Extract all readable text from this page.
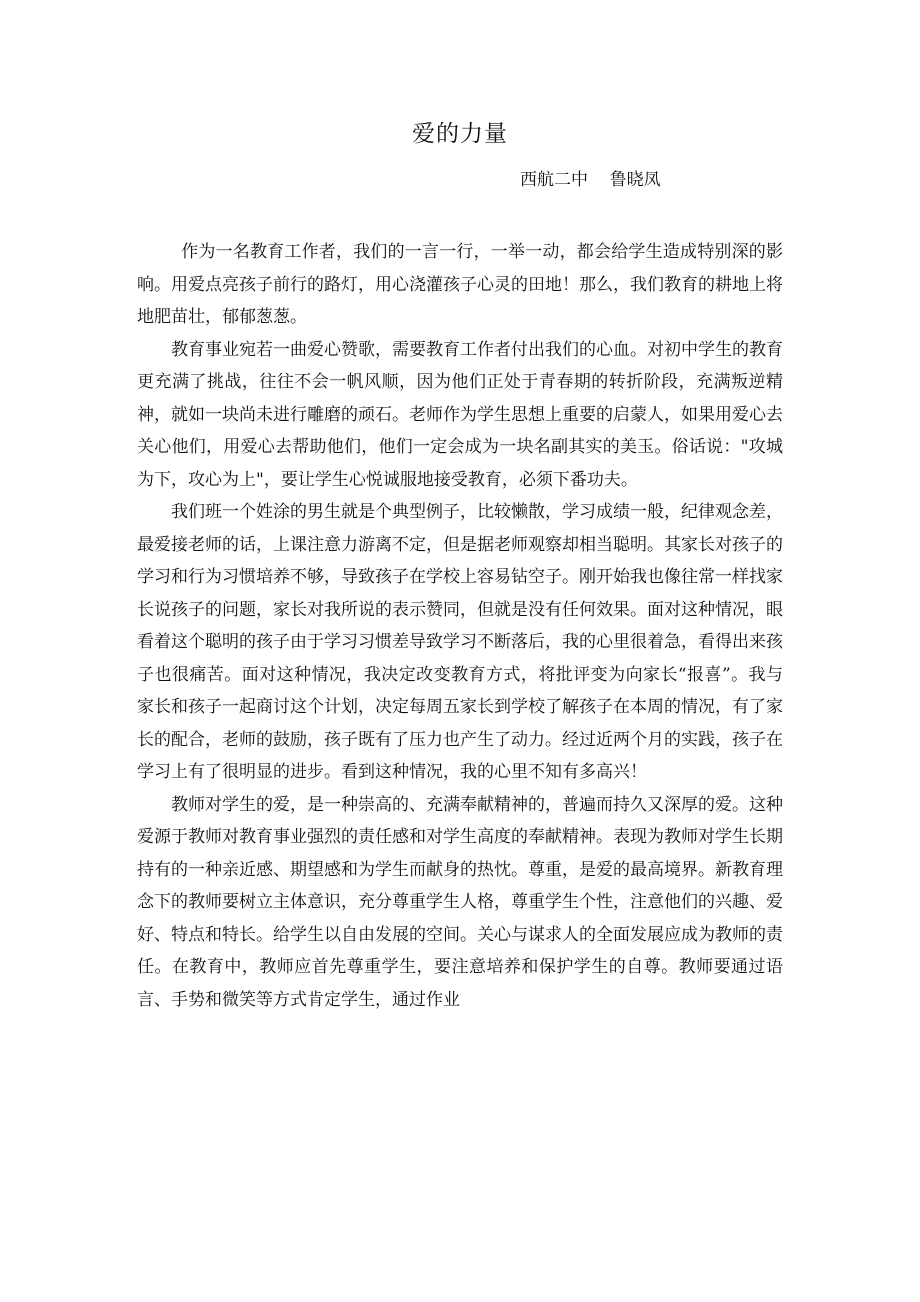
爱的力量
西航二中    鲁晓凤

作为一名教育工作者，我们的一言一行，一举一动，都会给学生造成特别深的影响。用爱点亮孩子前行的路灯，用心浇灌孩子心灵的田地！那么，我们教育的耕地上将地肥苗壮，郁郁葱葱。

教育事业宛若一曲爱心赞歌，需要教育工作者付出我们的心血。对初中学生的教育更充满了挑战，往往不会一帆风顺，因为他们正处于青春期的转折阶段，充满叛逆精神，就如一块尚未进行雕磨的顽石。老师作为学生思想上重要的启蒙人，如果用爱心去关心他们，用爱心去帮助他们，他们一定会成为一块名副其实的美玉。俗话说："攻城为下，攻心为上"，要让学生心悦诚服地接受教育，必须下番功夫。

我们班一个姓涂的男生就是个典型例子，比较懒散，学习成绩一般，纪律观念差，最爱接老师的话，上课注意力游离不定，但是据老师观察却相当聪明。其家长对孩子的学习和行为习惯培养不够，导致孩子在学校上容易钻空子。刚开始我也像往常一样找家长说孩子的问题，家长对我所说的表示赞同，但就是没有任何效果。面对这种情况，眼看着这个聪明的孩子由于学习习惯差导致学习不断落后，我的心里很着急，看得出来孩子也很痛苦。面对这种情况，我决定改变教育方式，将批评变为向家长“报喜”。我与家长和孩子一起商讨这个计划，决定每周五家长到学校了解孩子在本周的情况，有了家长的配合，老师的鼓励，孩子既有了压力也产生了动力。经过近两个月的实践，孩子在学习上有了很明显的进步。看到这种情况，我的心里不知有多高兴！

教师对学生的爱，是一种崇高的、充满奉献精神的，普遍而持久又深厚的爱。这种爱源于教师对教育事业强烈的责任感和对学生高度的奉献精神。表现为教师对学生长期持有的一种亲近感、期望感和为学生而献身的热忱。尊重，是爱的最高境界。新教育理念下的教师要树立主体意识，充分尊重学生人格，尊重学生个性，注意他们的兴趣、爱好、特点和特长。给学生以自由发展的空间。关心与谋求人的全面发展应成为教师的责任。在教育中，教师应首先尊重学生，要注意培养和保护学生的自尊。教师要通过语言、手势和微笑等方式肯定学生，通过作业
